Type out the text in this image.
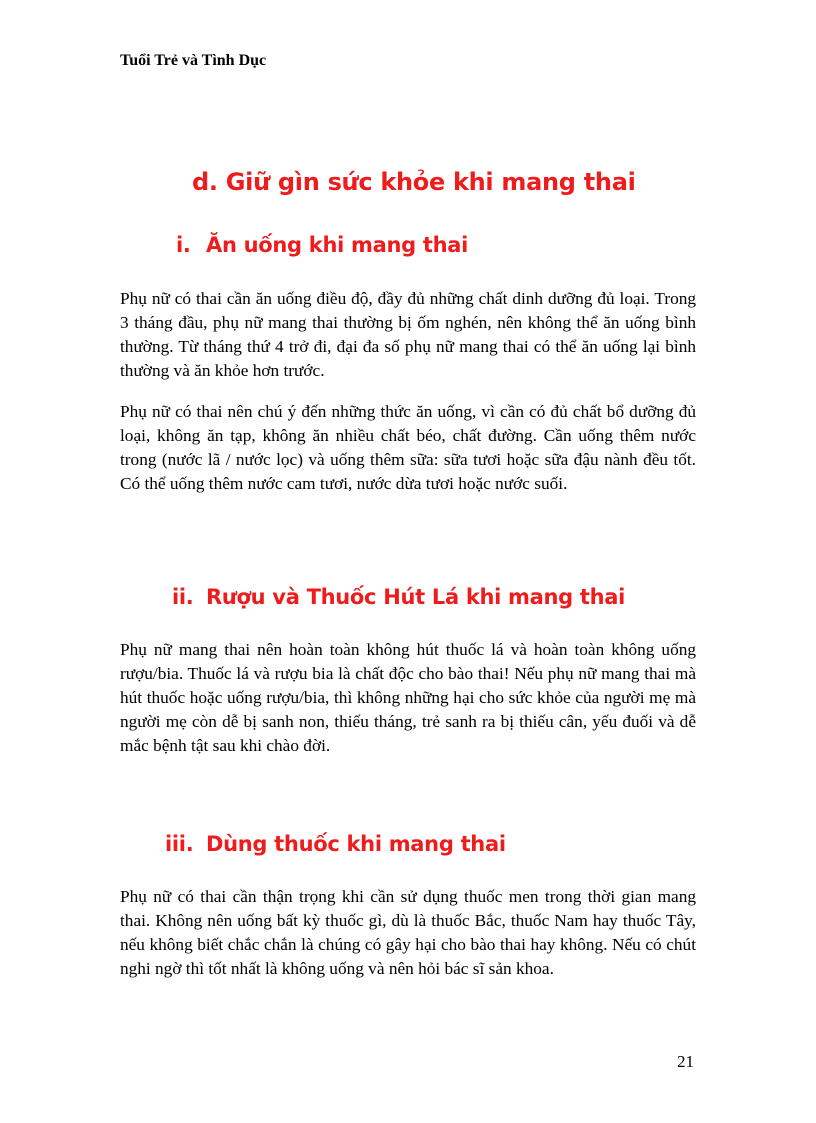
Tuổi Trẻ và Tình Dục
d. Giữ gìn sức khỏe khi mang thai
i. Ăn uống khi mang thai

Phụ nữ có thai cần ăn uống điều độ, đầy đủ những chất dinh dưỡng đủ loại. Trong 3 tháng đầu, phụ nữ mang thai thường bị ốm nghén, nên không thể ăn uống bình thường. Từ tháng thứ 4 trở đi, đại đa số phụ nữ mang thai có thể ăn uống lại bình thường và ăn khỏe hơn trước.

Phụ nữ có thai nên chú ý đến những thức ăn uống, vì cần có đủ chất bổ dưỡng đủ loại, không ăn tạp, không ăn nhiều chất béo, chất đường. Cần uống thêm nước trong (nước lã / nước lọc) và uống thêm sữa: sữa tươi hoặc sữa đậu nành đều tốt. Có thể uống thêm nước cam tươi, nước dừa tươi hoặc nước suối.

ii. Rượu và Thuốc Hút Lá khi mang thai

Phụ nữ mang thai nên hoàn toàn không hút thuốc lá và hoàn toàn không uống rượu/bia. Thuốc lá và rượu bia là chất độc cho bào thai! Nếu phụ nữ mang thai mà hút thuốc hoặc uống rượu/bia, thì không những hại cho sức khỏe của người mẹ mà người mẹ còn dễ bị sanh non, thiếu tháng, trẻ sanh ra bị thiếu cân, yếu đuối và dễ mắc bệnh tật sau khi chào đời.

iii. Dùng thuốc khi mang thai

Phụ nữ có thai cần thận trọng khi cần sử dụng thuốc men trong thời gian mang thai. Không nên uống bất kỳ thuốc gì, dù là thuốc Bắc, thuốc Nam hay thuốc Tây, nếu không biết chắc chắn là chúng có gây hại cho bào thai hay không. Nếu có chút nghi ngờ thì tốt nhất là không uống và nên hỏi bác sĩ sản khoa.

21
